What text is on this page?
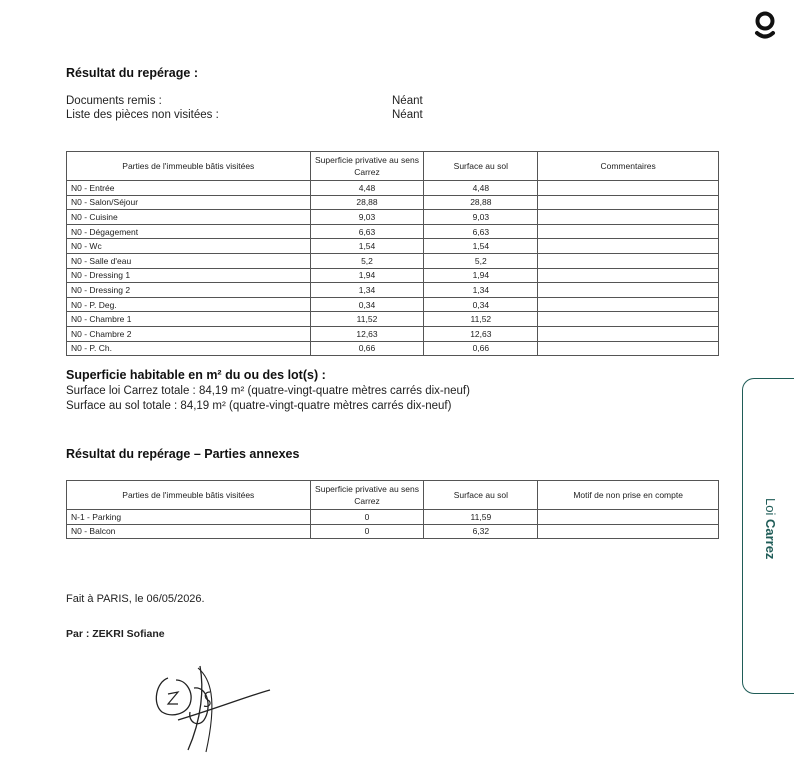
Résultat du repérage :
Documents remis :	Néant
Liste des pièces non visitées :	Néant
Parties de l'immeuble bâtis visitées	Superficie privative au sens Carrez	Surface au sol	Commentaires
N0 - Entrée	4,48	4,48	
N0 - Salon/Séjour	28,88	28,88	
N0 - Cuisine	9,03	9,03	
N0 - Dégagement	6,63	6,63	
N0 - Wc	1,54	1,54	
N0 - Salle d'eau	5,2	5,2	
N0 - Dressing 1	1,94	1,94	
N0 - Dressing 2	1,34	1,34	
N0 - P. Deg.	0,34	0,34	
N0 - Chambre 1	11,52	11,52	
N0 - Chambre 2	12,63	12,63	
N0 - P. Ch.	0,66	0,66	
Superficie habitable en m² du ou des lot(s) :
Surface loi Carrez totale : 84,19 m² (quatre-vingt-quatre mètres carrés dix-neuf)
Surface au sol totale : 84,19 m² (quatre-vingt-quatre mètres carrés dix-neuf)
Résultat du repérage – Parties annexes
Parties de l'immeuble bâtis visitées	Superficie privative au sens Carrez	Surface au sol	Motif de non prise en compte
N-1 - Parking	0	11,59	
N0 - Balcon	0	6,32	
Fait à PARIS, le 06/05/2026.
Par : ZEKRI Sofiane
Loi Carrez
